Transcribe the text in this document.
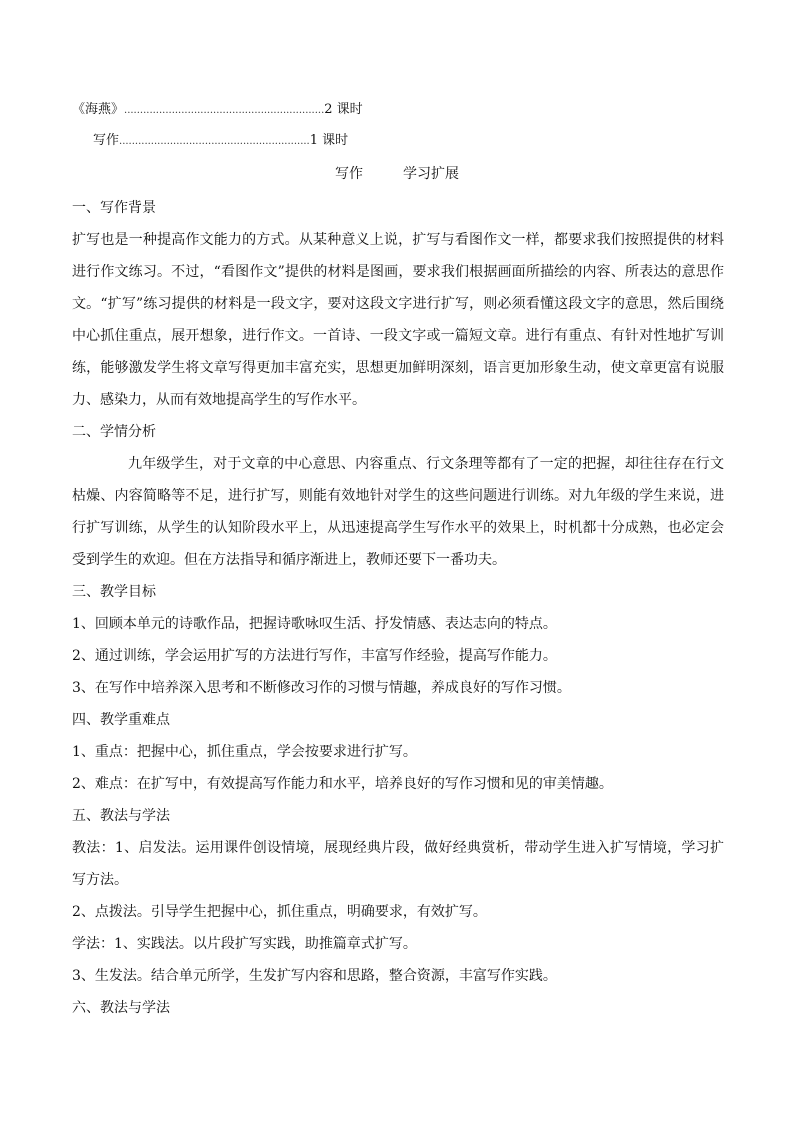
《海燕》...............................................................2 课时
写作............................................................1 课时
写作	学习扩展

一、写作背景

扩写也是一种提高作文能力的方式。从某种意义上说，扩写与看图作文一样，都要求我们按照提供的材料进行作文练习。不过，“看图作文”提供的材料是图画，要求我们根据画面所描绘的内容、所表达的意思作文。“扩写”练习提供的材料是一段文字，要对这段文字进行扩写，则必须看懂这段文字的意思，然后围绕中心抓住重点，展开想象，进行作文。一首诗、一段文字或一篇短文章。进行有重点、有针对性地扩写训练，能够激发学生将文章写得更加丰富充实，思想更加鲜明深刻，语言更加形象生动，使文章更富有说服力、感染力，从而有效地提高学生的写作水平。

二、学情分析

九年级学生，对于文章的中心意思、内容重点、行文条理等都有了一定的把握，却往往存在行文枯燥、内容简略等不足，进行扩写，则能有效地针对学生的这些问题进行训练。对九年级的学生来说，进行扩写训练，从学生的认知阶段水平上，从迅速提高学生写作水平的效果上，时机都十分成熟，也必定会受到学生的欢迎。但在方法指导和循序渐进上，教师还要下一番功夫。

三、教学目标

1、回顾本单元的诗歌作品，把握诗歌咏叹生活、抒发情感、表达志向的特点。

2、通过训练，学会运用扩写的方法进行写作，丰富写作经验，提高写作能力。

3、在写作中培养深入思考和不断修改习作的习惯与情趣，养成良好的写作习惯。

四、教学重难点

1、重点：把握中心，抓住重点，学会按要求进行扩写。

2、难点：在扩写中，有效提高写作能力和水平，培养良好的写作习惯和见的审美情趣。

五、教法与学法

教法：1、启发法。运用课件创设情境，展现经典片段，做好经典赏析，带动学生进入扩写情境，学习扩写方法。

2、点拨法。引导学生把握中心，抓住重点，明确要求，有效扩写。

学法：1、实践法。以片段扩写实践，助推篇章式扩写。

3、生发法。结合单元所学，生发扩写内容和思路，整合资源，丰富写作实践。

六、教法与学法
